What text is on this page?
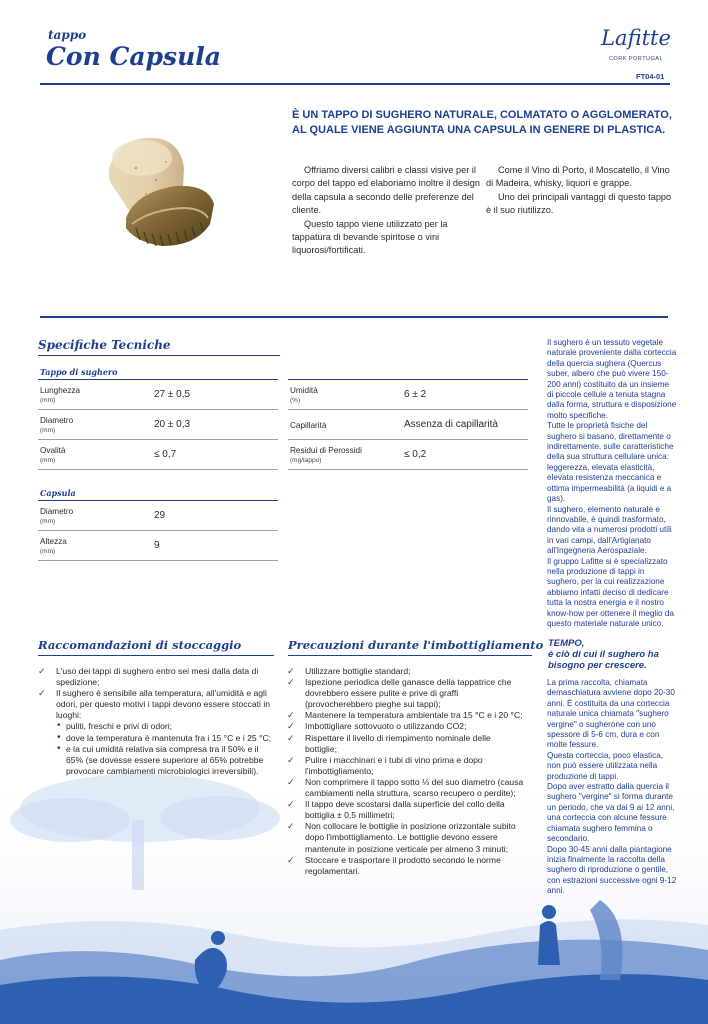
tappo
Con Capsula
Lafitte
CORK PORTUGAL
FT04-01
È UN TAPPO DI SUGHERO NATURALE, COLMATATO O AGGLOMERATO, AL QUALE VIENE AGGIUNTA UNA CAPSULA IN GENERE DI PLASTICA.

Offriamo diversi calibri e classi visive per il corpo del tappo ed elaboriamo inoltre il design della capsula a secondo delle preferenze del cliente.

Questo tappo viene utilizzato per la tappatura di bevande spiritose o vini liquorosi/fortificati.

Come il Vino di Porto, il Moscatello, il Vino di Madeira, whisky, liquori e grappe.

Uno dei principali vantaggi di questo tappo è il suo riutilizzo.

Specifiche Tecniche
Tappo di sughero
Lunghezza
(mm)
27 ± 0,5
Diametro
(mm)
20 ± 0,3
Ovalità
(mm)
≤ 0,7
Umidità
(%)
6 ± 2
Capillarità	Assenza di capillarità
Residui di Perossidi
(mg/tappo)
≤ 0,2
Capsula
Diametro
(mm)
29
Altezza
(mm)
9

Il sughero è un tessuto vegetale naturale proveniente dalla corteccia della quercia sughera (Quercus suber, albero che può vivere 150-200 anni) costituito da un insieme di piccole cellule a tenuta stagna dalla forma, struttura e disposizione molto specifiche.

Tutte le proprietà fisiche del sughero si basano, direttamente o indirettamente, sulle caratteristiche della sua struttura cellulare unica: leggerezza, elevata elasticità, elevata resistenza meccanica e ottima impermeabilità (a liquidi e a gas).

Il sughero, elemento naturale e rinnovabile, è quindi trasformato, dando vita a numerosi prodotti utili in vari campi, dall'Artigianato all'Ingegneria Aerospaziale.

Il gruppo Lafitte si è specializzato nella produzione di tappi in sughero, per la cui realizzazione abbiamo infatti deciso di dedicare tutta la nostra energia e il nostro know-how per ottenere il meglio da questo materiale naturale unico.

TEMPO,
è ciò di cui il sughero ha bisogno per crescere.

La prima raccolta, chiamata demaschiatura avviene dopo 20-30 anni. È costituita da una corteccia naturale unica chiamata "sughero vergine" o sugherone con uno spessore di 5-6 cm, dura e con molte fessure.

Questa corteccia, poco elastica, non può essere utilizzata nella produzione di tappi.

Dopo aver estratto dalla quercia il sughero "vergine" si forma durante un periodo, che va dai 9 ai 12 anni, una corteccia con alcune fessure chiamata sughero femmina o secondario.

Dopo 30-45 anni dalla piantagione inizia finalmente la raccolta della sughero di riproduzione o gentile, con estrazioni successive ogni 9-12 anni.

Raccomandazioni di stoccaggio
✓ L'uso dei tappi di sughero entro sei mesi dalla data di spedizione;
✓ Il sughero è sensibile alla temperatura, all'umidità e agli odori, per questo motivi i tappi devono essere stoccati in luoghi:
• puliti, freschi e privi di odori;
• dove la temperatura è mantenuta fra i 15 °C e i 25 °C;
• e la cui umidità relativa sia compresa tra il 50% e il 65% (se dovesse essere superiore al 65% potrebbe provocare cambiamenti microbiologici irreversibili).
Precauzioni durante l'imbottigliamento
✓ Utilizzare bottiglie standard;
✓ Ispezione periodica delle ganasce della tappatrice che dovrebbero essere pulite e prive di graffi (provocherebbero pieghe sui tappi);
✓ Mantenere la temperatura ambientale tra 15 °C e i 20 °C;
✓ Imbottigliare sottovuoto o utilizzando CO2;
✓ Rispettare il livello di riempimento nominale delle bottiglie;
✓ Pulire i macchinari e i tubi di vino prima e dopo l'imbottigliamento;
✓ Non comprimere il tappo sotto ⅓ del suo diametro (causa cambiamenti nella struttura, scarso recupero o perdite);
✓ Il tappo deve scostarsi dalla superficie del collo della bottiglia ± 0,5 millimetri;
✓ Non collocare le bottiglie in posizione orizzontale subito dopo l'imbottigliamento. Le bottiglie devono essere mantenute in posizione verticale per almeno 3 minuti;
✓ Stoccare e trasportare il prodotto secondo le norme regolamentari.
